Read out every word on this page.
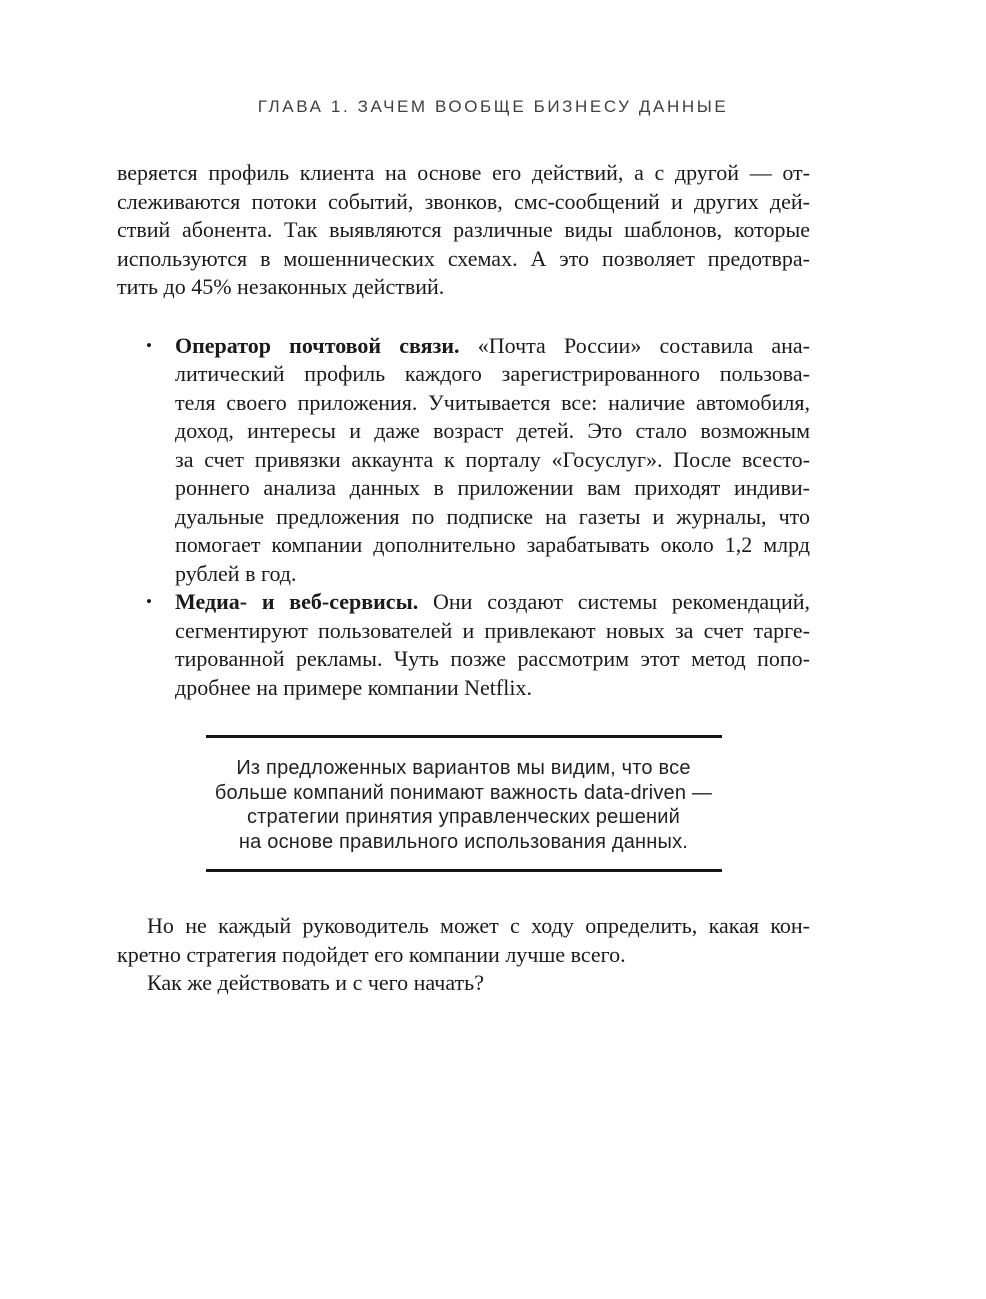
ГЛАВА 1. ЗАЧЕМ ВООБЩЕ БИЗНЕСУ ДАННЫЕ
веряется профиль клиента на основе его действий, а с другой — от-
слеживаются потоки событий, звонков, смс-сообщений и других дей-
ствий абонента. Так выявляются различные виды шаблонов, которые
используются в мошеннических схемах. А это позволяет предотвра-
тить до 45% незаконных действий.
• Оператор почтовой связи. «Почта России» составила ана-
литический профиль каждого зарегистрированного пользова-
теля своего приложения. Учитывается все: наличие автомобиля,
доход, интересы и даже возраст детей. Это стало возможным
за счет привязки аккаунта к порталу «Госуслуг». После всесто-
роннего анализа данных в приложении вам приходят индиви-
дуальные предложения по подписке на газеты и журналы, что
помогает компании дополнительно зарабатывать около 1,2 млрд
рублей в год.
• Медиа- и веб-сервисы. Они создают системы рекомендаций,
сегментируют пользователей и привлекают новых за счет тарге-
тированной рекламы. Чуть позже рассмотрим этот метод попо-
дробнее на примере компании Netflix.
Из предложенных вариантов мы видим, что все
больше компаний понимают важность data-driven —
стратегии принятия управленческих решений
на основе правильного использования данных.
Но не каждый руководитель может с ходу определить, какая кон-
кретно стратегия подойдет его компании лучше всего.
Как же действовать и с чего начать?
